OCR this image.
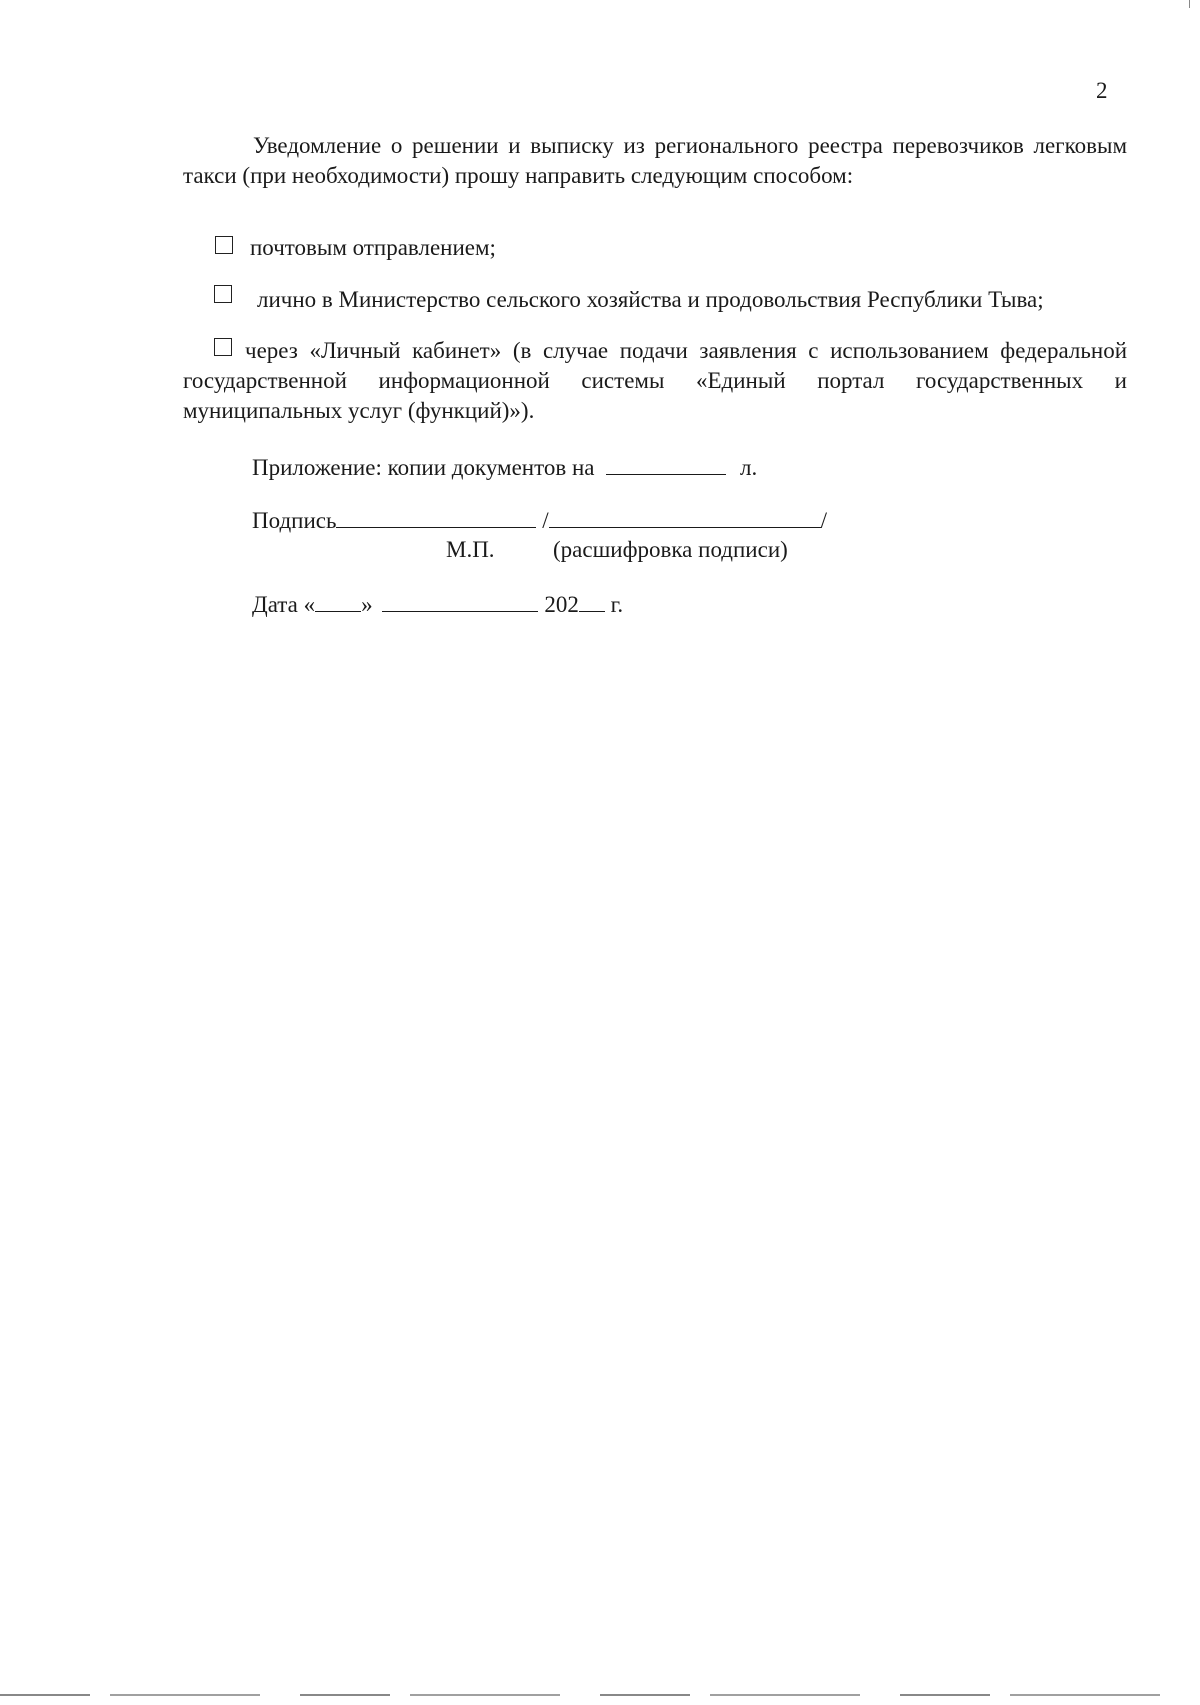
2
Уведомление о решении и выписку из регионального реестра перевозчиков легковым такси (при необходимости) прошу направить следующим способом:
почтовым отправлением;
лично в Министерство сельского хозяйства и продовольствия Республики Тыва;
через «Личный кабинет» (в случае подачи заявления с использованием федеральной государственной информационной системы «Единый портал государственных и муниципальных услуг (функций)»).
Приложение: копии документов на	л.
Подпись	/	/
М.П.	(расшифровка подписи)
Дата « »	202 г.
